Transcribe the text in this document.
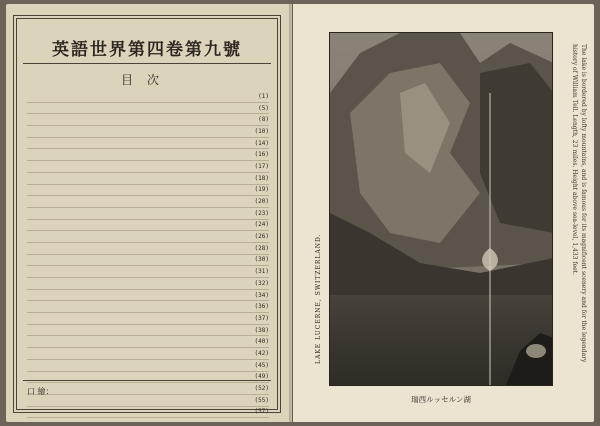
英語世界第四卷第九號
目次
(1)
(5)
(8)
(10)
(14)
(16)
(17)
(18)
(19)
(20)
(23)
(24)
(26)
(28)
(30)
(31)
(32)
(34)
(36)
(37)
(38)
(40)
(42)
(45)
(49)
(52)
(55)
(57)
口 繪：
LAKE LUCERNE, SWITZERLAND.	The lake is bordered by lofty mountains, and is famous for its magnificent scenery and for the legendary history of William Tell. Length, 23 miles. Height above sea-level, 1,433 feet.
瑞西ルッセルン湖
